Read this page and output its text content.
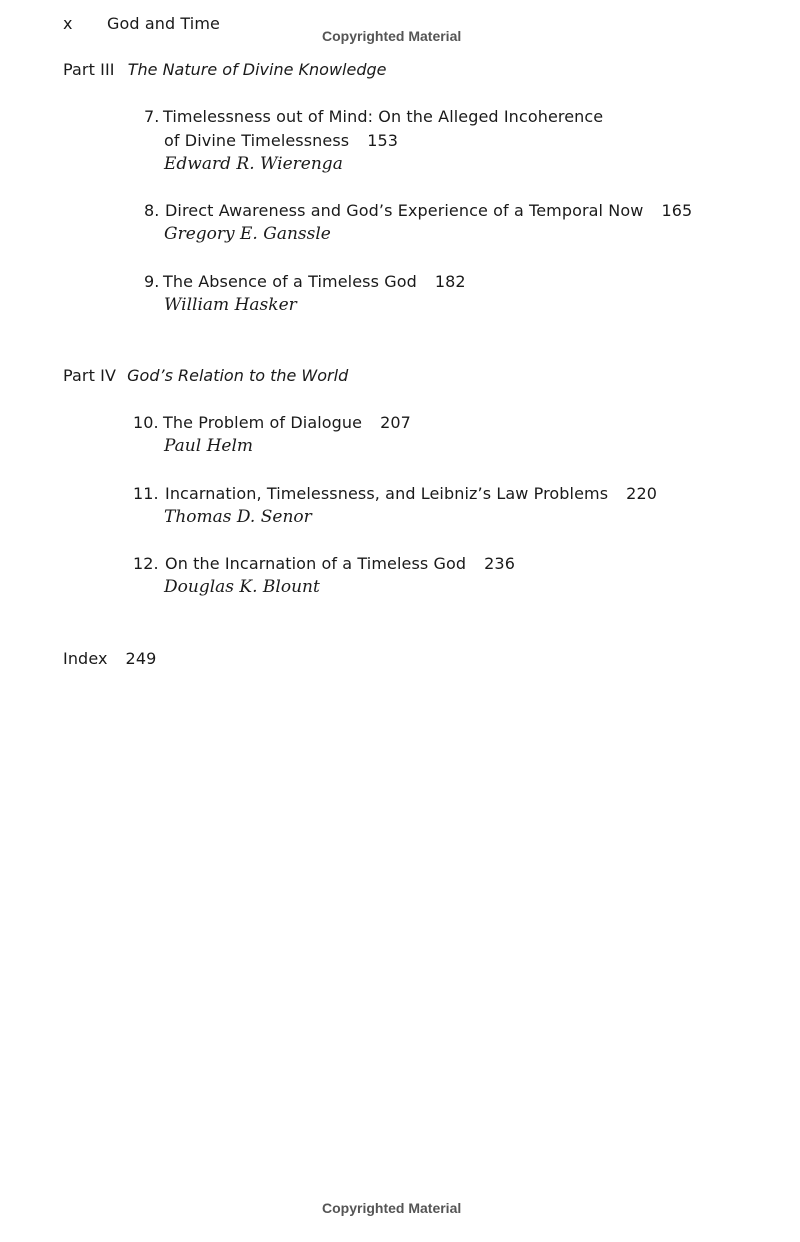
x God and Time
Copyrighted Material
Part III The Nature of Divine Knowledge
7. Timelessness out of Mind: On the Alleged Incoherence
of Divine Timelessness 153
Edward R. Wierenga
8. Direct Awareness and God’s Experience of a Temporal Now 165
Gregory E. Ganssle
9. The Absence of a Timeless God 182
William Hasker
Part IV God’s Relation to the World
10. The Problem of Dialogue 207
Paul Helm
11. Incarnation, Timelessness, and Leibniz’s Law Problems 220
Thomas D. Senor
12. On the Incarnation of a Timeless God 236
Douglas K. Blount
Index 249
Copyrighted Material
